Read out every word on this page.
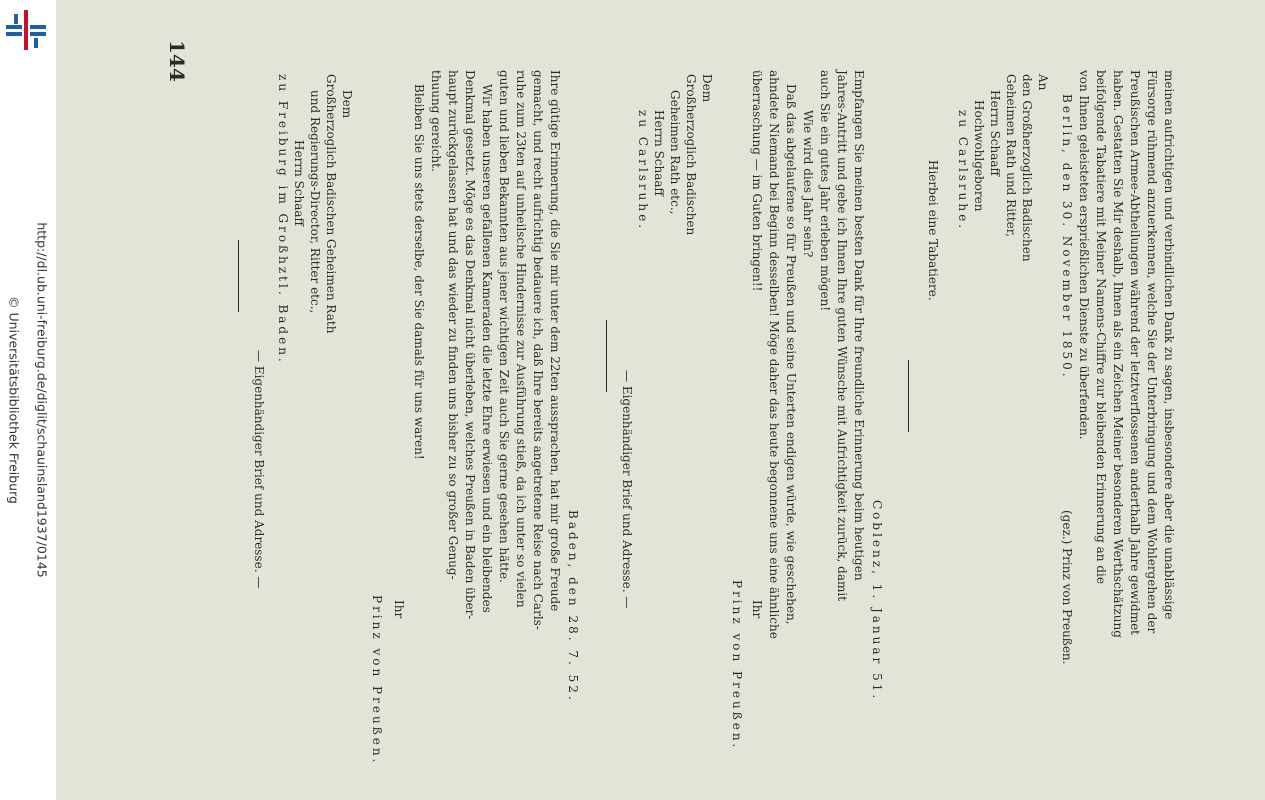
http://dl.ub.uni-freiburg.de/diglit/schauinsland1937/0145
© Universitätsbibliothek Freiburg	meinen aufrichtigen und verbindlichen Dank zu sagen, insbesondere aber die unablässige
Fürsorge rühmend anzuerkennen, welche Sie der Unterbringung und dem Wohlergehen der
Preußischen Armee-Abtheilungen während der letztverflossenen anderthalb Jahre gewidmet
haben. Gestatten Sie Mir deshalb, Ihnen als ein Zeichen Meiner besonderen Werthschätzung
beifolgende Tabatiere mit Meiner Namens-Chiffre zur bleibenden Erinnerung an die
von Ihnen geleisteten ersprießlichen Dienste zu überfenden.
Berlin, den 30. November 1850.
(gez.) Prinz von Preußen.
An
den Großherzoglich Badischen
Geheimen Rath und Ritter,
Herrn Schaaff
Hochwohlgeboren
zu Carlsruhe.
Hierbei eine Tabatiere.
Coblenz, 1. Januar 51.
Empfangen Sie meinen besten Dank für Ihre freundliche Erinnerung beim heutigen
Jahres-Antritt und gebe ich Ihnen Ihre guten Wünsche mit Aufrichtigkeit zurück, damit
auch Sie ein gutes Jahr erleben mögen!
Wie wird dies Jahr sein?
Daß das abgelaufene so für Preußen und seine Unterten endigen würde, wie geschehen,
ahndete Niemand bei Beginn desselben! Möge daher das heute begonnene uns eine ähnliche
überraschung — im Guten bringen!!
Ihr
Prinz von Preußen.
Dem
Großherzoglich Badischen
Geheimen Rath etc.,
Herrn Schaaff
zu Carlsruhe.
— Eigenhändiger Brief und Adresse. —
Baden, den 28. 7. 52.
Ihre gütige Erinnerung, die Sie mir unter dem 22ten aussprachen, hat mir große Freude
gemacht, und recht aufrichtig bedauere ich, daß Ihre bereits angetretene Reise nach Carls-
ruhe zum 23ten auf unheilsche Hindernisse zur Ausführung stieß, da ich unter so vielen
guten und lieben Bekannten aus jener wichtigen Zeit auch Sie gerne gesehen hätte.
Wir haben unseren gefallenen Kameraden die letzte Ehre erwiesen und ein bleibendes
Denkmal gesetzt. Möge es das Denkmal nicht überleben, welches Preußen in Baden über-
haupt zurückgelassen hat und das wieder zu finden uns bisher zu so großer Genug-
thuung gereicht.
Bleiben Sie uns stets derselbe, der Sie damals für uns waren!
Ihr
Prinz von Preußen.
Dem
Großherzoglich Badischen Geheimen Rath
und Regierungs-Director, Ritter etc.,
Herrn Schaaff
zu Freiburg im Großhztl. Baden.
— Eigenhändiger Brief und Adresse. —
144
